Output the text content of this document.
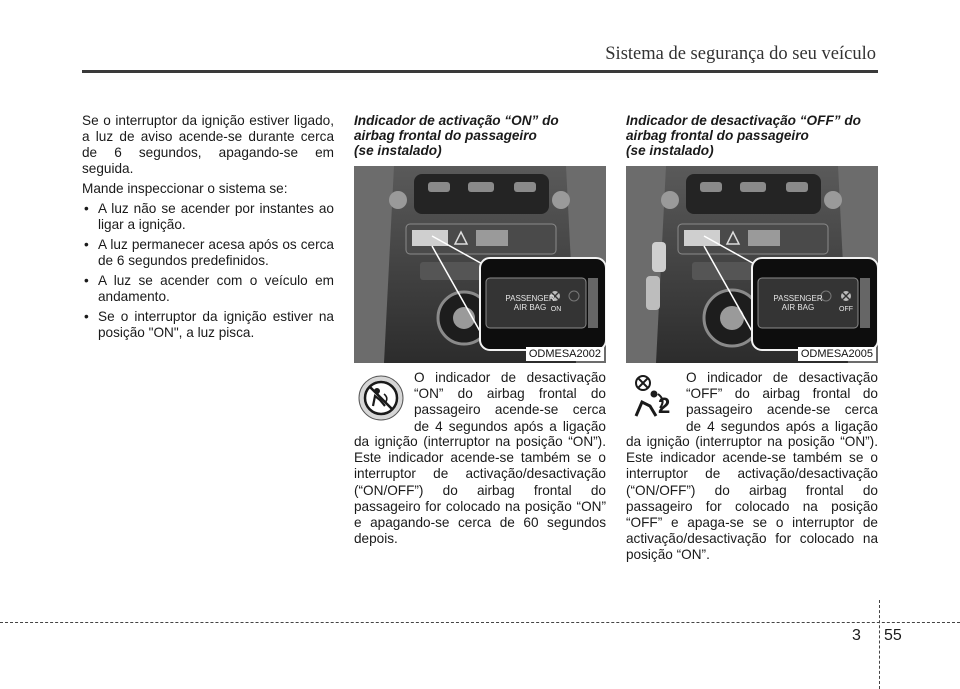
Sistema de segurança do seu veículo

Se o interruptor da ignição estiver ligado, a luz de aviso acende-se durante cerca de 6 segundos, apagando-se em seguida.

Mande inspeccionar o sistema se:

• A luz não se acender por instantes ao ligar a ignição.
• A luz permanecer acesa após os cerca de 6 segundos predefinidos.
• A luz se acender com o veículo em andamento.
• Se o interruptor da ignição estiver na posição "ON", a luz pisca.

Indicador de activação “ON” do

airbag frontal do passageiro

(se instalado)

PASSENGER
AIR BAG ON
ODMESA2002

O indicador de desactivação

“ON” do airbag frontal do

passageiro acende-se cerca

de 4 segundos após a ligação

da ignição (interruptor na posição “ON”). Este indicador acende-se também se o interruptor de activação/desactivação (“ON/OFF”) do airbag frontal do passageiro for colocado na posição “ON” e apagando-se cerca de 60 segundos depois.

Indicador de desactivação “OFF” do

airbag frontal do passageiro

(se instalado)

PASSENGER
AIR BAG	OFF
ODMESA2005
2

O indicador de desactivação

“OFF” do airbag frontal do

passageiro acende-se cerca

de 4 segundos após a ligação

da ignição (interruptor na posição “ON”). Este indicador acende-se também se o interruptor de activação/desactivação (“ON/OFF”) do airbag frontal do passageiro for colocado na posição “OFF” e apaga-se se o interruptor de activação/desactivação for colocado na posição “ON”.

3 55
